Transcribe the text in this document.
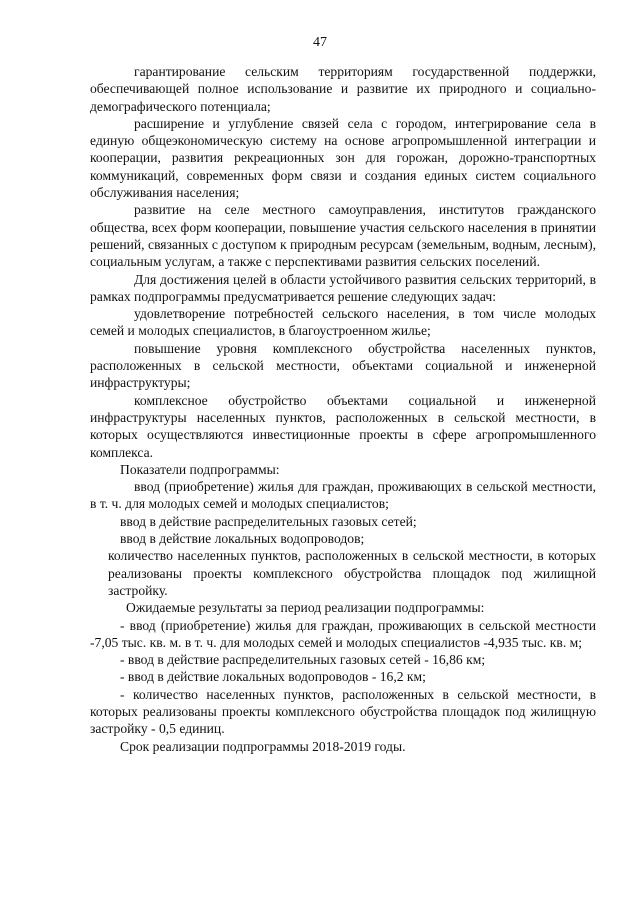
47

гарантирование сельским территориям государственной поддержки, обеспечивающей полное использование и развитие их природного и социально-демографического потенциала;

расширение и углубление связей села с городом, интегрирование села в единую общеэкономическую систему на основе агропромышленной интеграции и кооперации, развития рекреационных зон для горожан, дорожно-транспортных коммуникаций, современных форм связи и создания единых систем социального обслуживания населения;

развитие на селе местного самоуправления, институтов гражданского общества, всех форм кооперации, повышение участия сельского населения в принятии решений, связанных с доступом к природным ресурсам (земельным, водным, лесным), социальным услугам, а также с перспективами развития сельских поселений.

Для достижения целей в области устойчивого развития сельских территорий, в рамках подпрограммы предусматривается решение следующих задач:

удовлетворение потребностей сельского населения, в том числе молодых семей и молодых специалистов, в благоустроенном жилье;

повышение уровня комплексного обустройства населенных пунктов, расположенных в сельской местности, объектами социальной и инженерной инфраструктуры;

комплексное обустройство объектами социальной и инженерной инфраструктуры населенных пунктов, расположенных в сельской местности, в которых осуществляются инвестиционные проекты в сфере агропромышленного комплекса.

Показатели подпрограммы:

ввод (приобретение) жилья для граждан, проживающих в сельской местности, в т. ч. для молодых семей и молодых специалистов;

ввод в действие распределительных газовых сетей;

ввод в действие локальных водопроводов;

количество населенных пунктов, расположенных в сельской местности, в которых реализованы проекты комплексного обустройства площадок под жилищной застройку.

Ожидаемые результаты за период реализации подпрограммы:

- ввод (приобретение) жилья для граждан, проживающих в сельской местности -7,05 тыс. кв. м. в т. ч. для молодых семей и молодых специалистов -4,935 тыс. кв. м;

- ввод в действие распределительных газовых сетей - 16,86 км;

- ввод в действие локальных водопроводов - 16,2 км;

- количество населенных пунктов, расположенных в сельской местности, в которых реализованы проекты комплексного обустройства площадок под жилищную застройку - 0,5 единиц.

Срок реализации подпрограммы 2018-2019 годы.
